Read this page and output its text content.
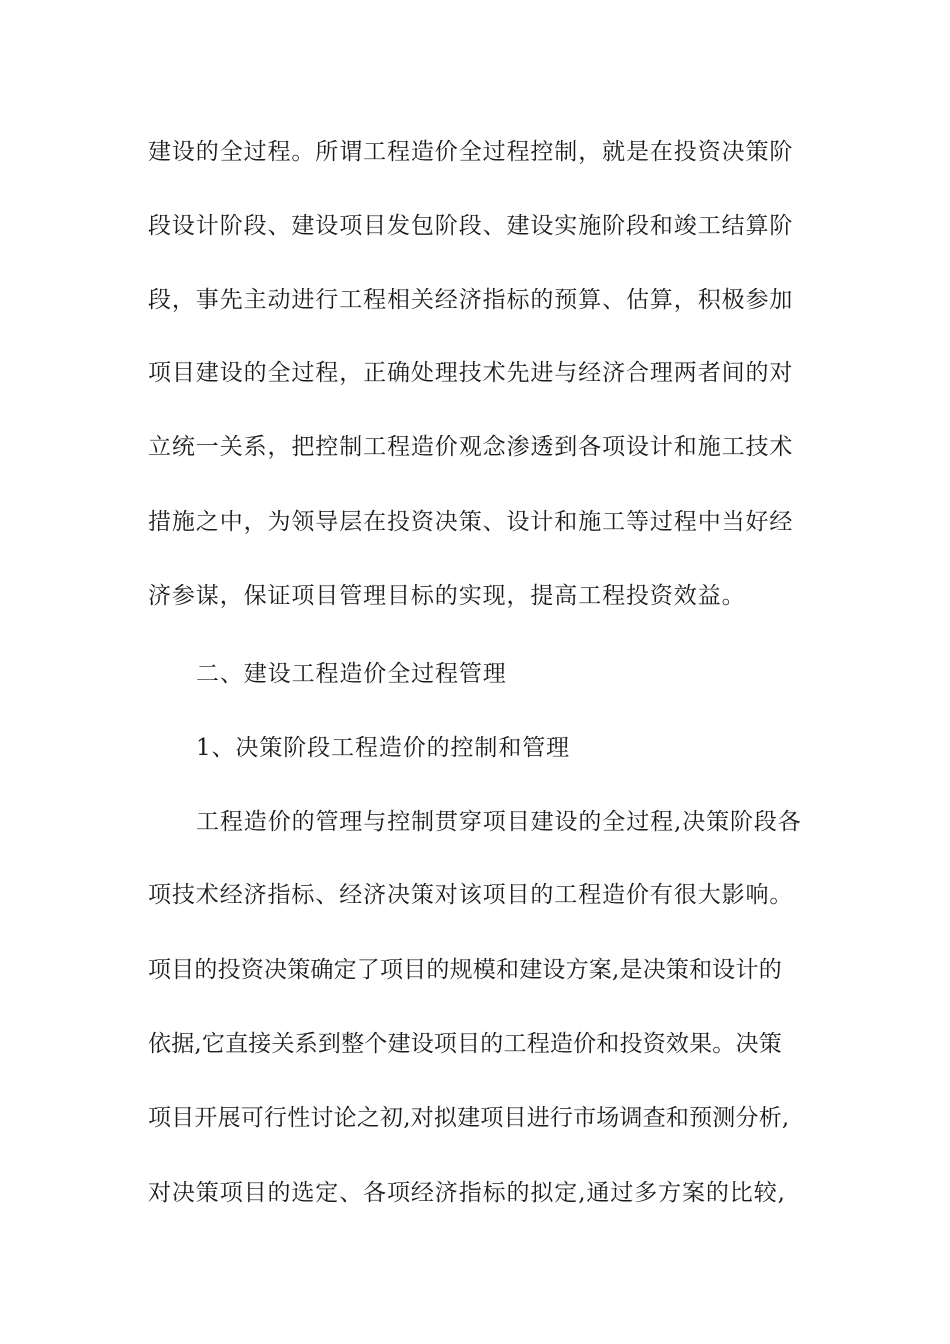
建设的全过程。所谓工程造价全过程控制，就是在投资决策阶
段设计阶段、建设项目发包阶段、建设实施阶段和竣工结算阶
段，事先主动进行工程相关经济指标的预算、估算，积极参加
项目建设的全过程，正确处理技术先进与经济合理两者间的对
立统一关系，把控制工程造价观念渗透到各项设计和施工技术
措施之中，为领导层在投资决策、设计和施工等过程中当好经
济参谋，保证项目管理目标的实现，提高工程投资效益。
二、建设工程造价全过程管理
1、决策阶段工程造价的控制和管理
工程造价的管理与控制贯穿项目建设的全过程,决策阶段各
项技术经济指标、经济决策对该项目的工程造价有很大影响。
项目的投资决策确定了项目的规模和建设方案,是决策和设计的
依据,它直接关系到整个建设项目的工程造价和投资效果。决策
项目开展可行性讨论之初,对拟建项目进行市场调查和预测分析,
对决策项目的选定、各项经济指标的拟定,通过多方案的比较,
